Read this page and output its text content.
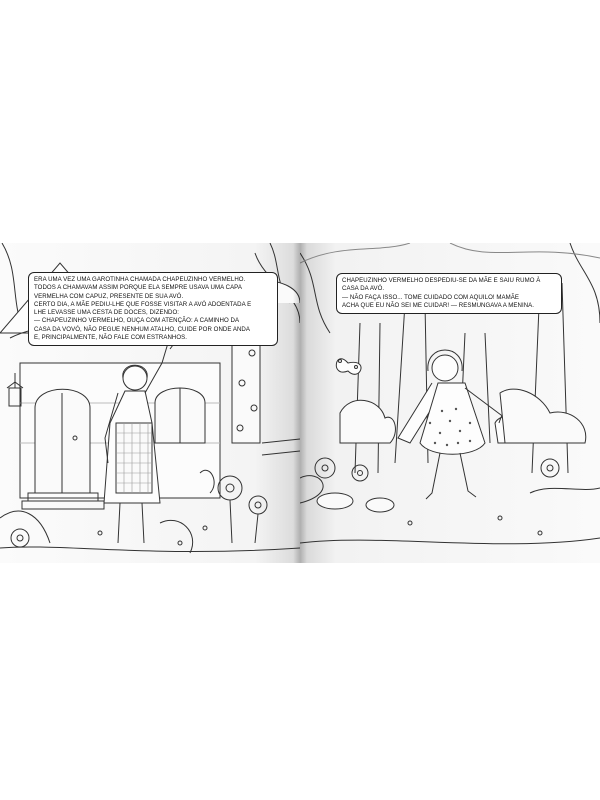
ERA UMA VEZ UMA GAROTINHA CHAMADA CHAPEUZINHO VERMELHO.

TODOS A CHAMAVAM ASSIM PORQUE ELA SEMPRE USAVA UMA CAPA

VERMELHA COM CAPUZ, PRESENTE DE SUA AVÓ.

CERTO DIA, A MÃE PEDIU-LHE QUE FOSSE VISITAR A AVÓ ADOENTADA E

LHE LEVASSE UMA CESTA DE DOCES, DIZENDO:

— CHAPEUZINHO VERMELHO, OUÇA COM ATENÇÃO: A CAMINHO DA

CASA DA VOVÓ, NÃO PEGUE NENHUM ATALHO, CUIDE POR ONDE ANDA

E, PRINCIPALMENTE, NÃO FALE COM ESTRANHOS.

CHAPEUZINHO VERMELHO DESPEDIU-SE DA MÃE E SAIU RUMO À

CASA DA AVÓ.

— NÃO FAÇA ISSO... TOME CUIDADO COM AQUILO! MAMÃE

ACHA QUE EU NÃO SEI ME CUIDAR! — RESMUNGAVA A MENINA.
